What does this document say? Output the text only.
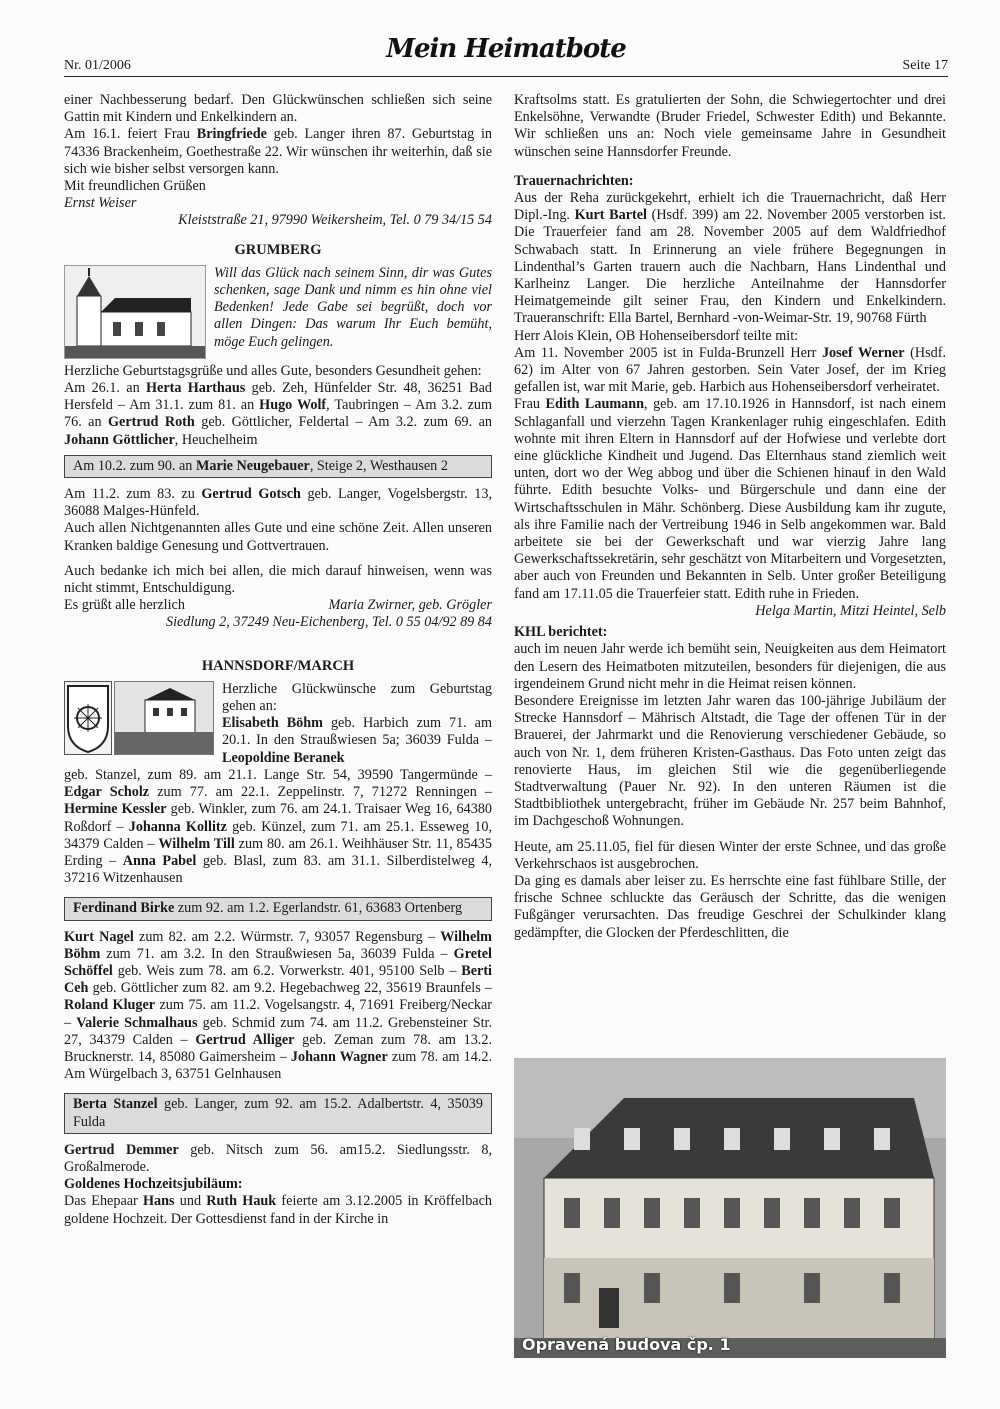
Nr. 01/2006
Mein Heimatbote
Seite 17

einer Nachbesserung bedarf. Den Glückwünschen schließen sich seine Gattin mit Kindern und Enkelkindern an.

Am 16.1. feiert Frau Bringfriede geb. Langer ihren 87. Geburtstag in 74336 Brackenheim, Goethestraße 22. Wir wünschen ihr weiterhin, daß sie sich wie bisher selbst versorgen kann.

Mit freundlichen Grüßen

Ernst Weiser

Kleiststraße 21, 97990 Weikersheim, Tel. 0 79 34/15 54

GRUMBERG

Will das Glück nach seinem Sinn, dir was Gutes schenken, sage Dank und nimm es hin ohne viel Bedenken! Jede Gabe sei begrüßt, doch vor allen Dingen: Das warum Ihr Euch bemüht, möge Euch gelingen.

Herzliche Geburtstagsgrüße und alles Gute, besonders Gesundheit gehen:

Am 26.1. an Herta Harthaus geb. Zeh, Hünfelder Str. 48, 36251 Bad Hersfeld – Am 31.1. zum 81. an Hugo Wolf, Taubringen – Am 3.2. zum 76. an Gertrud Roth geb. Göttlicher, Feldertal – Am 3.2. zum 69. an Johann Göttlicher, Heuchelheim

Am 10.2. zum 90. an Marie Neugebauer, Steige 2, Westhausen 2

Am 11.2. zum 83. zu Gertrud Gotsch geb. Langer, Vogelsbergstr. 13, 36088 Malges-Hünfeld.

Auch allen Nichtgenannten alles Gute und eine schöne Zeit. Allen unseren Kranken baldige Genesung und Gottvertrauen.

Auch bedanke ich mich bei allen, die mich darauf hinweisen, wenn was nicht stimmt, Entschuldigung.

Es grüßt alle herzlich	Maria Zwirner, geb. Grögler

Siedlung 2, 37249 Neu-Eichenberg, Tel. 0 55 04/92 89 84

HANNSDORF/MARCH

Herzliche Glückwünsche zum Geburtstag gehen an:

Elisabeth Böhm geb. Harbich zum 71. am 20.1. In den Straußwiesen 5a; 36039 Fulda – Leopoldine Beranek

geb. Stanzel, zum 89. am 21.1. Lange Str. 54, 39590 Tangermünde – Edgar Scholz zum 77. am 22.1. Zeppelinstr. 7, 71272 Renningen – Hermine Kessler geb. Winkler, zum 76. am 24.1. Traisaer Weg 16, 64380 Roßdorf – Johanna Kollitz geb. Künzel, zum 71. am 25.1. Esseweg 10, 34379 Calden – Wilhelm Till zum 80. am 26.1. Weihhäuser Str. 11, 85435 Erding – Anna Pabel geb. Blasl, zum 83. am 31.1. Silberdistelweg 4, 37216 Witzenhausen

Ferdinand Birke zum 92. am 1.2. Egerlandstr. 61, 63683 Ortenberg

Kurt Nagel zum 82. am 2.2. Würmstr. 7, 93057 Regensburg – Wilhelm Böhm zum 71. am 3.2. In den Straußwiesen 5a, 36039 Fulda – Gretel Schöffel geb. Weis zum 78. am 6.2. Vorwerkstr. 401, 95100 Selb – Berti Ceh geb. Göttlicher zum 82. am 9.2. Hegebachweg 22, 35619 Braunfels – Roland Kluger zum 75. am 11.2. Vogelsangstr. 4, 71691 Freiberg/Neckar – Valerie Schmalhaus geb. Schmid zum 74. am 11.2. Grebensteiner Str. 27, 34379 Calden – Gertrud Alliger geb. Zeman zum 78. am 13.2. Brucknerstr. 14, 85080 Gaimersheim – Johann Wagner zum 78. am 14.2. Am Würgelbach 3, 63751 Gelnhausen

Berta Stanzel geb. Langer, zum 92. am 15.2. Adalbertstr. 4, 35039 Fulda

Gertrud Demmer geb. Nitsch zum 56. am15.2. Siedlungsstr. 8, Großalmerode.

Goldenes Hochzeitsjubiläum:

Das Ehepaar Hans und Ruth Hauk feierte am 3.12.2005 in Kröffelbach goldene Hochzeit. Der Gottesdienst fand in der Kirche in

Kraftsolms statt. Es gratulierten der Sohn, die Schwiegertochter und drei Enkelsöhne, Verwandte (Bruder Friedel, Schwester Edith) und Bekannte. Wir schließen uns an: Noch viele gemeinsame Jahre in Gesundheit wünschen seine Hannsdorfer Freunde.

Trauernachrichten:

Aus der Reha zurückgekehrt, erhielt ich die Trauernachricht, daß Herr Dipl.-Ing. Kurt Bartel (Hsdf. 399) am 22. November 2005 verstorben ist. Die Trauerfeier fand am 28. November 2005 auf dem Waldfriedhof Schwabach statt. In Erinnerung an viele frühere Begegnungen in Lindenthal’s Garten trauern auch die Nachbarn, Hans Lindenthal und Karlheinz Langer. Die herzliche Anteilnahme der Hannsdorfer Heimatgemeinde gilt seiner Frau, den Kindern und Enkelkindern. Traueranschrift: Ella Bartel, Bernhard -von-Weimar-Str. 19, 90768 Fürth

Herr Alois Klein, OB Hohenseibersdorf teilte mit:

Am 11. November 2005 ist in Fulda-Brunzell Herr Josef Werner (Hsdf. 62) im Alter von 67 Jahren gestorben. Sein Vater Josef, der im Krieg gefallen ist, war mit Marie, geb. Harbich aus Hohenseibersdorf verheiratet.

Frau Edith Laumann, geb. am 17.10.1926 in Hannsdorf, ist nach einem Schlaganfall und vierzehn Tagen Krankenlager ruhig eingeschlafen. Edith wohnte mit ihren Eltern in Hannsdorf auf der Hofwiese und verlebte dort eine glückliche Kindheit und Jugend. Das Elternhaus stand ziemlich weit unten, dort wo der Weg abbog und über die Schienen hinauf in den Wald führte. Edith besuchte Volks- und Bürgerschule und dann eine der Wirtschaftsschulen in Mähr. Schönberg. Diese Ausbildung kam ihr zugute, als ihre Familie nach der Vertreibung 1946 in Selb angekommen war. Bald arbeitete sie bei der Gewerkschaft und war vierzig Jahre lang Gewerkschaftssekretärin, sehr geschätzt von Mitarbeitern und Vorgesetzten, aber auch von Freunden und Bekannten in Selb. Unter großer Beteiligung fand am 17.11.05 die Trauerfeier statt. Edith ruhe in Frieden.

Helga Martin, Mitzi Heintel, Selb

KHL berichtet:

auch im neuen Jahr werde ich bemüht sein, Neuigkeiten aus dem Heimatort den Lesern des Heimatboten mitzuteilen, besonders für diejenigen, die aus irgendeinem Grund nicht mehr in die Heimat reisen können.

Besondere Ereignisse im letzten Jahr waren das 100-jährige Jubiläum der Strecke Hannsdorf – Mährisch Altstadt, die Tage der offenen Tür in der Brauerei, der Jahrmarkt und die Renovierung verschiedener Gebäude, so auch von Nr. 1, dem früheren Kristen-Gasthaus. Das Foto unten zeigt das renovierte Haus, im gleichen Stil wie die gegenüberliegende Stadtverwaltung (Pauer Nr. 92). In den unteren Räumen ist die Stadtbibliothek untergebracht, früher im Gebäude Nr. 257 beim Bahnhof, im Dachgeschoß Wohnungen.

Heute, am 25.11.05, fiel für diesen Winter der erste Schnee, und das große Verkehrschaos ist ausgebrochen.

Da ging es damals aber leiser zu. Es herrschte eine fast fühlbare Stille, der frische Schnee schluckte das Geräusch der Schritte, das die wenigen Fußgänger verursachten. Das freudige Geschrei der Schulkinder klang gedämpfter, die Glocken der Pferdeschlitten, die

Opravená budova čp. 1
